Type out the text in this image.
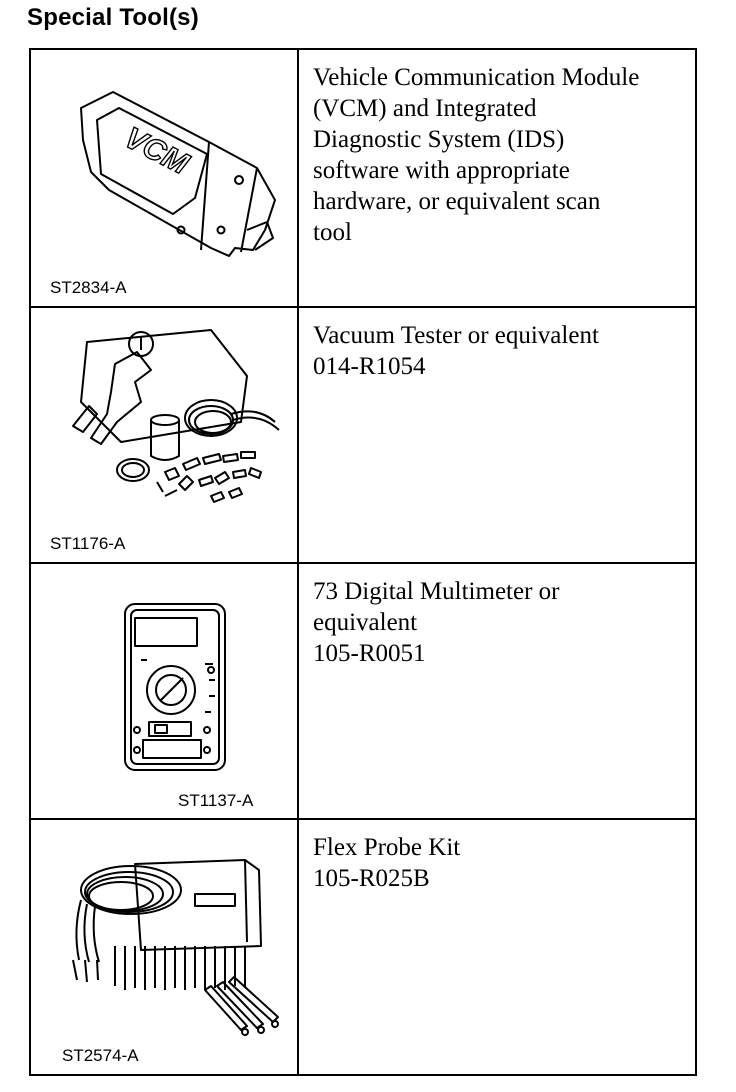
Special Tool(s)
VCM
ST2834-A
Vehicle Communication Module
(VCM) and Integrated
Diagnostic System (IDS)
software with appropriate
hardware, or equivalent scan
tool
ST1176-A
Vacuum Tester or equivalent
014-R1054
ST1137-A
73 Digital Multimeter or
equivalent
105-R0051
ST2574-A
Flex Probe Kit
105-R025B
